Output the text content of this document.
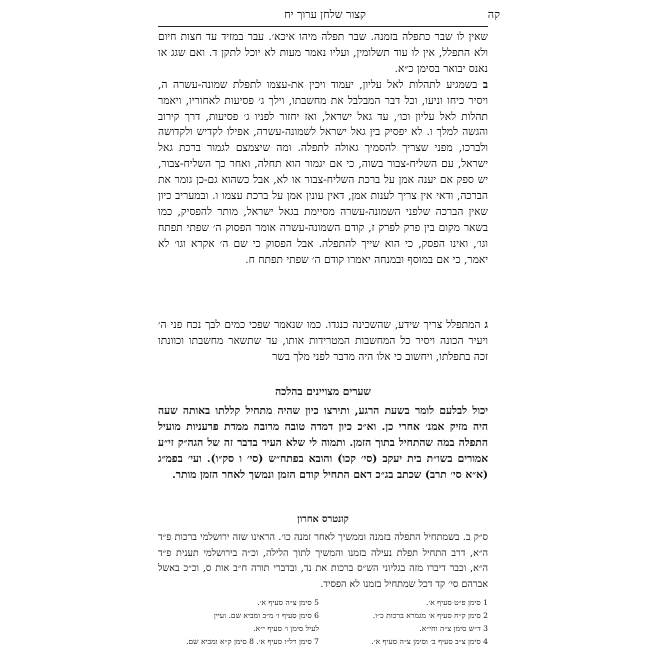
קה
קצור שלחן ערוך יח

שאין לו שבר כתפלה בזמנה. שבר תפלה מיהו איכא׳. עבר במזיד עד חצות חיום ולא התפלל, אין לו עוד תשלומין, ועליו נאמר מעות לא יוכל לתקן ד. ואם שגג או נאנס יבואר בסימן כ״א.

ב בשמגיע לתהלות לאל עליון, יעמוד ויכין את-עצמו לתפלת שמונה-עשרה ה, ויסיר כיחו וניעו, וכל דבר המבלבל את מחשבתו, וילך ג׳ פסיעות לאחוריו, ויאמר תהלות לאל עליון וכו׳, עד גאל ישראל, ואז יחזור לפניו ג׳ פסיעות, דרך קירוב והגשה למלך ו. לא יפסיק בין גאל ישראל לשמונה-עשרה, אפילו לקדיש ולקדושה ולברכו, מפני שצריך להסמיך גאולה לתפלה. ומה שיצמצם לגמור ברכת גאל ישראל, עם השליח-צבור בשוה, כי אם יגמור הוא תחלה, ואחר כך השליח-צבור, יש ספק אם יענה אמן על ברכת השליח-צבור או לא, אבל כשהוא גם-כן גומר את הברכה, ודאי אין צריך לענות אמן, דאין עונין אמן על ברכת עצמו ו. ובמעריב כיון שאין הברכה שלפני השמונה-עשרה מסיימת בגאל ישראל, מותר להפסיק, כמו בשאר מקום בין פרק לפרק ז, קודם השמונה-עשרה אומר הפסוק ה׳ שפתי תפתח וגו׳, ואינו הפסק, כי הוא שייך להתפלה. אבל הפסוק כי שם ה׳ אקרא וגו׳ לא יאמר, כי אם במוסף ובמנחה יאמרו קודם ה׳ שפתי תפתח ח.

ג המתפלל צריך שידע, שהשכינה כנגדו. כמו שנאמר שפכי כמים לבך נכח פני ה׳ ויעיר הכונה ויסיר כל המחשבות המטרידות אותו, עד שתשאר מחשבתו וכוונתו זכה בתפלתו, ויחשוב כי אלו היה מדבר לפני מלך בשר

שערים מצויינים בהלכה
יכול לבלעם לומר בשעת הרגע, ותירצו כיון שהיה מתחיל קללתו באותה שעה היה מזיק אמנ׳ אחרי כן. וא״כ כיון דמדה טובה מרובה ממדת פרעניות מועיל התפלה במה שהתחיל בתוך הזמן. ותמוה לי שלא העיר בדבר זה של הגה״ק זי״ע אמורים בשו״ת בית יעקב (סי׳ קכו) והובא בפתח״ש (סי׳ ו סק״ו). ועי׳ בפמ״ג (א״א סי׳ תרב) שכתב בג״כ דאם התחיל קודם הזמן ונמשך לאחר הזמן מותר.
קונטרס אחרון
ס״ק ב. בשמתחיל התפלה בזמנה וממשיך לאחר זמנה כו׳. הראינו שזה ירושלמי ברכות פ״ד ה״א, דרב התחיל תפלת נעילה בזמנו והמשיך לתוך הלילה, וכ״ה בירושלמי תענית פ״ד ה״א, וכבר דיברו מזה בגליוני הש״ס ברכות את נד, ובדברי תורה ח״ב אות ס, וכ״כ באשל אברהם סי׳ קד דכל שמתחיל בזמנו לא הפסיד.
1 סימן פ״ט סעיף א׳.
5 סימן צ״ה סעיף א׳.
2 סימן ק״ח סעיף א׳ מגמרא ברכות כ״ו.
6 סימן סעיף ו׳ מ״ב ומביא שם. ועיין
3 ד״ש סימן צ״ה וחי״א.
לעיל סימן ו׳ סעיף י״א.
4 סימן צ״ב סעיף ב׳ וסימן צ״ה סעיף א׳.
7 סימן רל״ו סעיף א׳. 8 סימן ק״א ומביא שם.
